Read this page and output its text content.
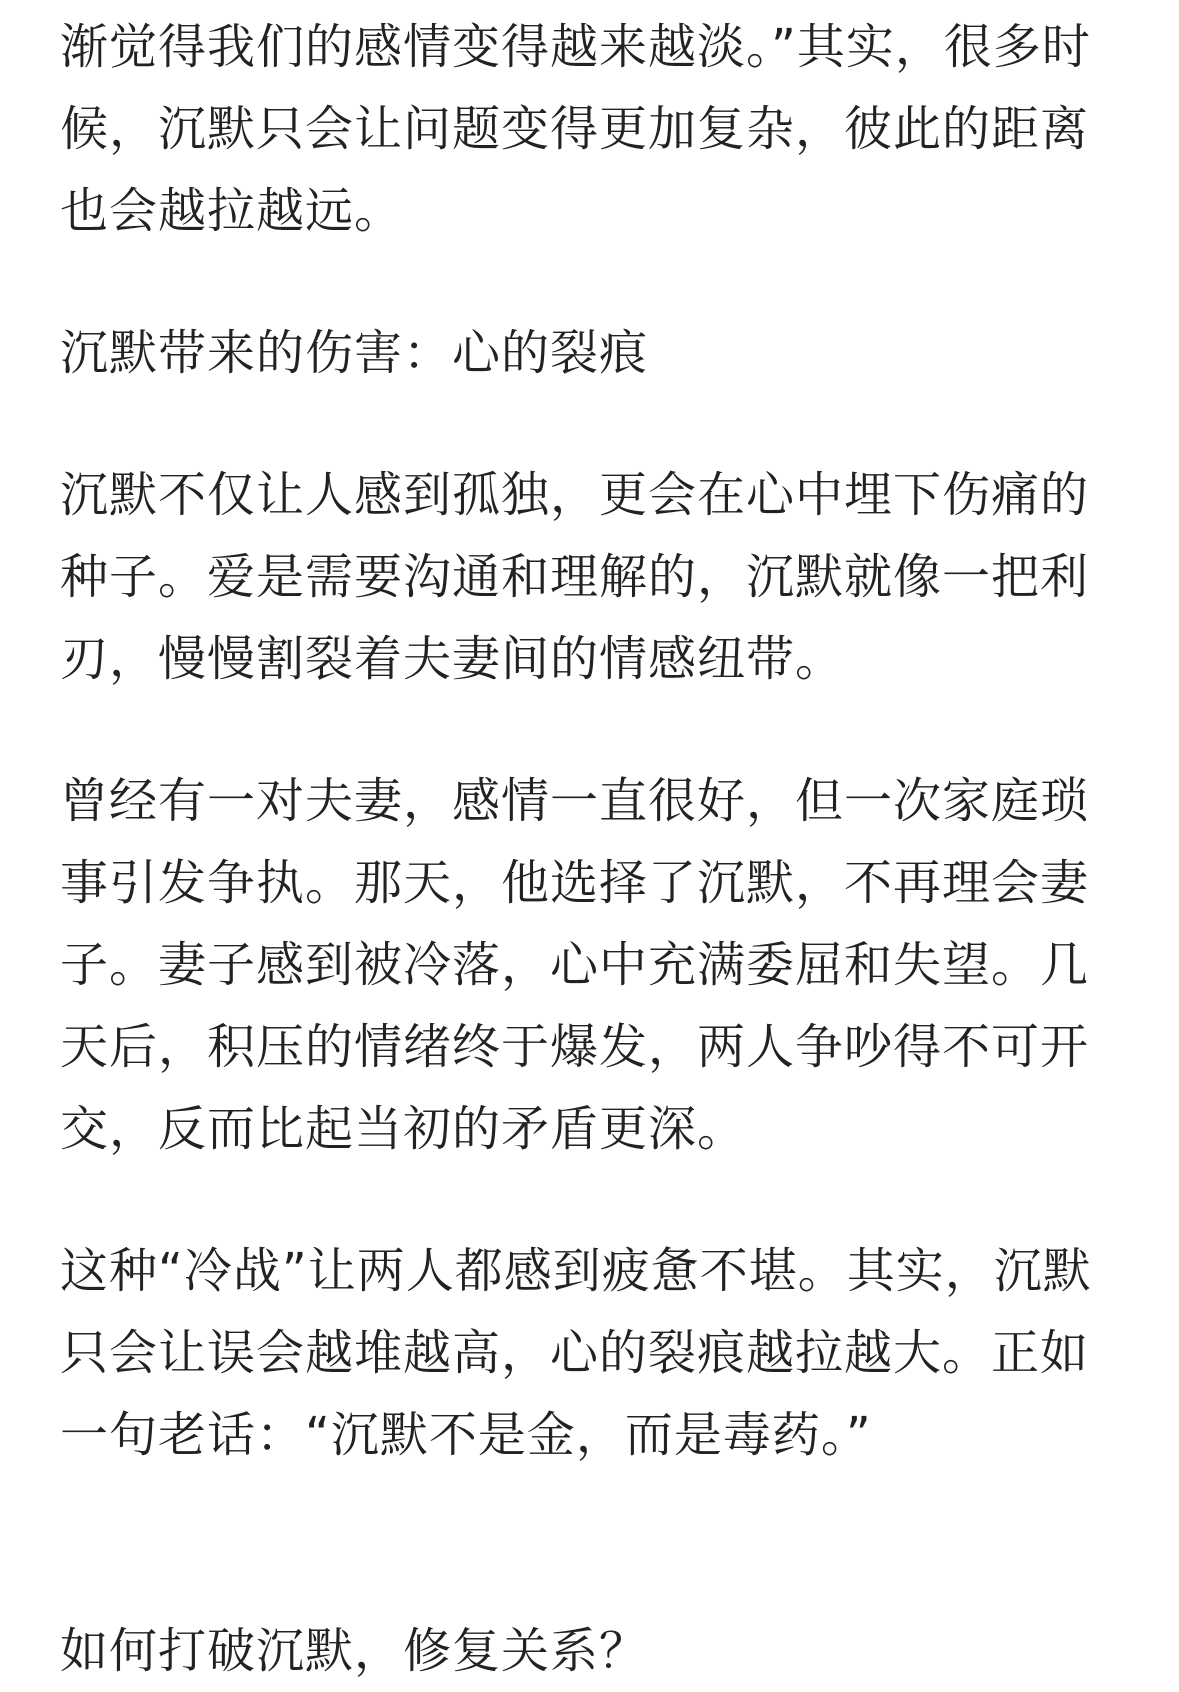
渐觉得我们的感情变得越来越淡。”其实，很多时候，沉默只会让问题变得更加复杂，彼此的距离也会越拉越远。

沉默带来的伤害：心的裂痕

沉默不仅让人感到孤独，更会在心中埋下伤痛的种子。爱是需要沟通和理解的，沉默就像一把利刃，慢慢割裂着夫妻间的情感纽带。

曾经有一对夫妻，感情一直很好，但一次家庭琐事引发争执。那天，他选择了沉默，不再理会妻子。妻子感到被冷落，心中充满委屈和失望。几天后，积压的情绪终于爆发，两人争吵得不可开交，反而比起当初的矛盾更深。

这种“冷战”让两人都感到疲惫不堪。其实，沉默只会让误会越堆越高，心的裂痕越拉越大。正如一句老话：“沉默不是金，而是毒药。”

如何打破沉默，修复关系？
